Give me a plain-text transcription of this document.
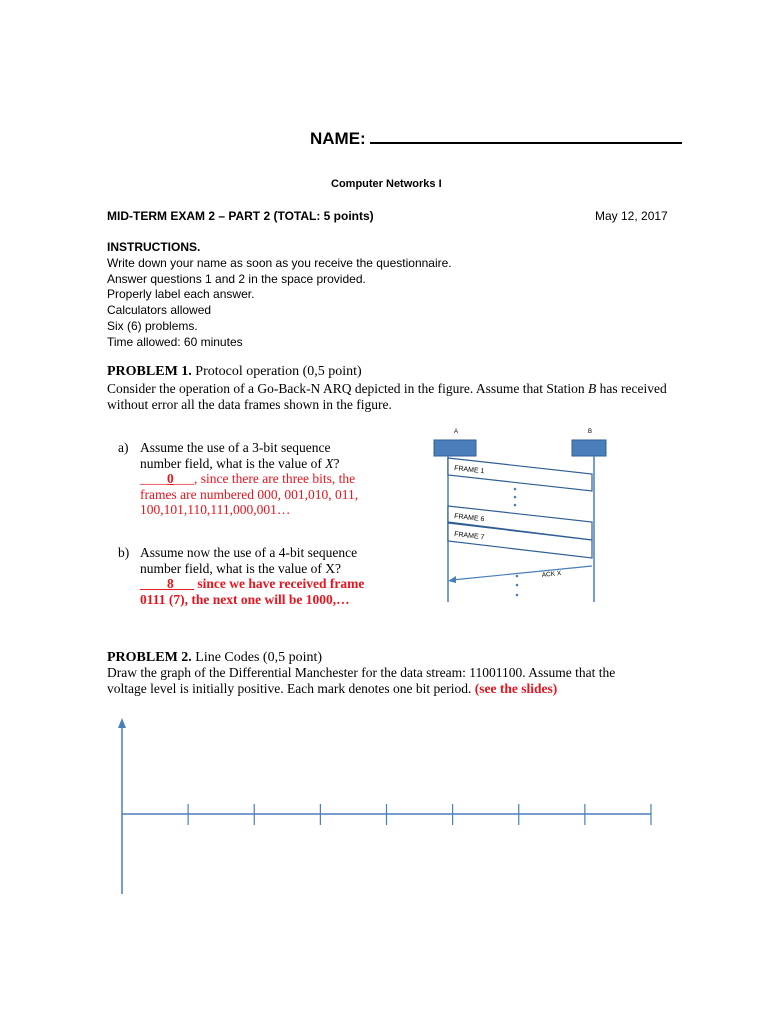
NAME:
Computer Networks I
MID-TERM EXAM 2 – PART 2 (TOTAL: 5 points)	May 12, 2017
INSTRUCTIONS.
Write down your name as soon as you receive the questionnaire.
Answer questions 1 and 2 in the space provided.
Properly label each answer.
Calculators allowed
Six (6) problems.
Time allowed: 60 minutes
PROBLEM 1. Protocol operation (0,5 point)
Consider the operation of a Go-Back-N ARQ depicted in the figure. Assume that Station B has received without error all the data frames shown in the figure.
a) Assume the use of a 3-bit sequence
number field, what is the value of X?
____0___, since there are three bits, the
frames are numbered 000, 001,010, 011,
100,101,110,111,000,001…
b) Assume now the use of a 4-bit sequence
number field, what is the value of X?
____8___ since we have received frame
0111 (7), the next one will be 1000,…
A	B
FRAME 1
FRAME 6
FRAME 7
ACK X
PROBLEM 2. Line Codes (0,5 point)
Draw the graph of the Differential Manchester for the data stream: 11001100. Assume that the
voltage level is initially positive. Each mark denotes one bit period. (see the slides)
